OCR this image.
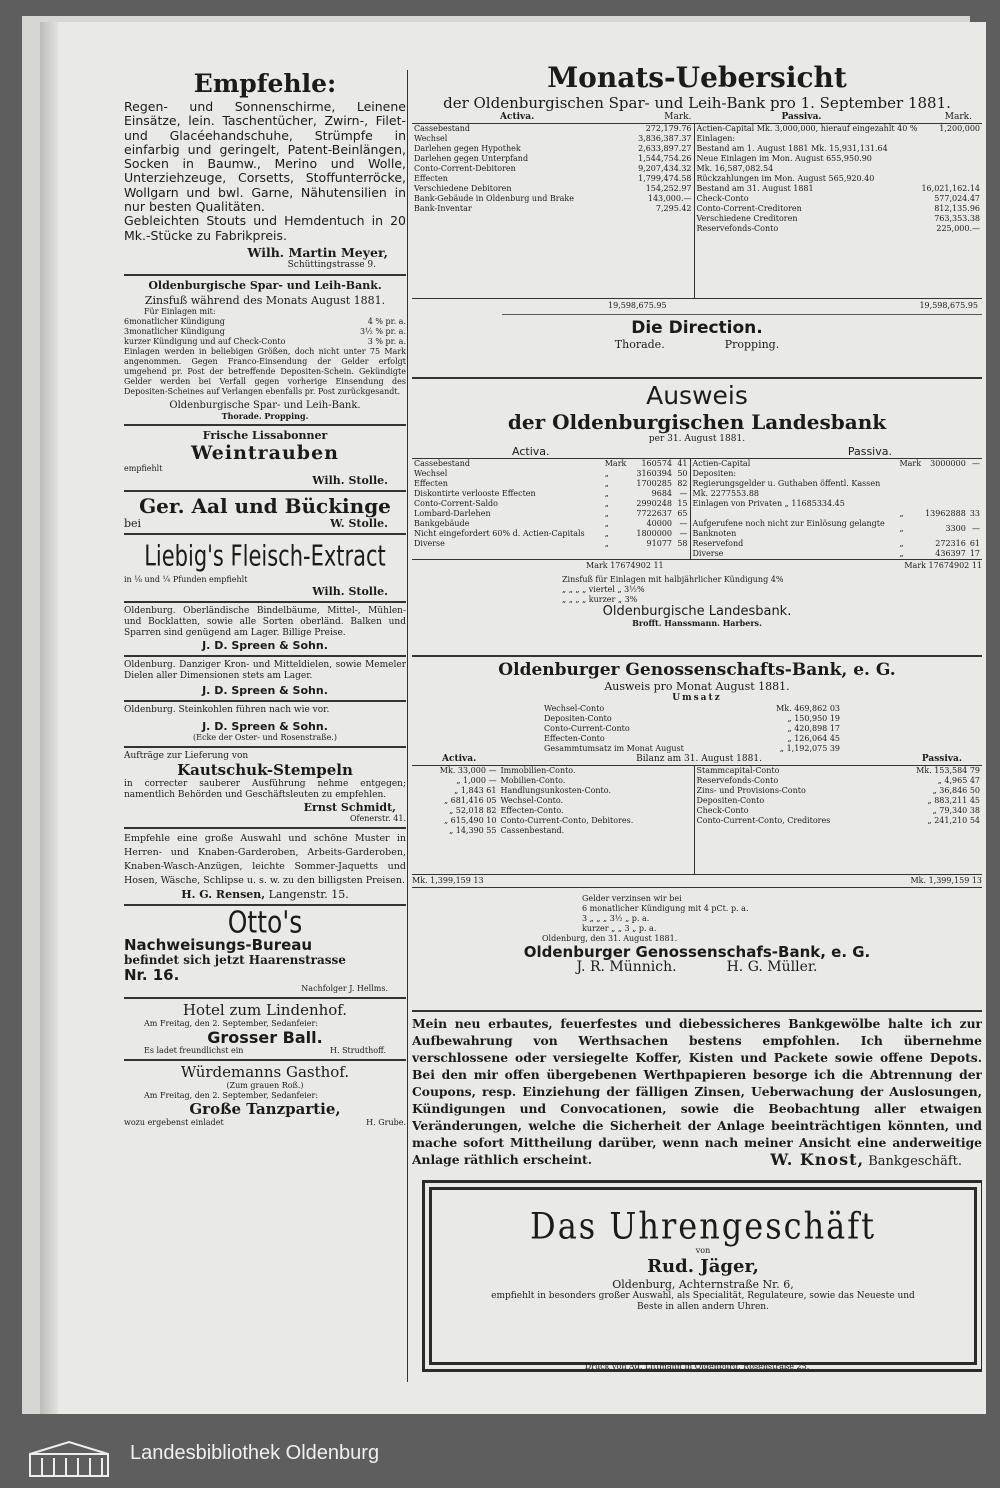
Empfehle:
Regen- und Sonnenschirme, Leinene Einsätze, lein. Taschentücher, Zwirn-, Filet- und Glacéehandschuhe, Strümpfe in einfarbig und geringelt, Patent-Beinlängen, Socken in Baumw., Merino und Wolle, Unterziehzeuge, Corsetts, Stoffunterröcke, Wollgarn und bwl. Garne, Nähutensilien in nur besten Qualitäten.
Gebleichten Stouts und Hemdentuch in 20 Mk.-Stücke zu Fabrikpreis.
Wilh. Martin Meyer,
Schüttingstrasse 9.
Oldenburgische Spar- und Leih-Bank.
Zinsfuß während des Monats August 1881.
Für Einlagen mit:
6monatlicher Kündigung	4 % pr. a.
3monatlicher Kündigung	3½ % pr. a.
kurzer Kündigung und auf Check-Conto	3 % pr. a.
Einlagen werden in beliebigen Größen, doch nicht unter 75 Mark angenommen. Gegen Franco-Einsendung der Gelder erfolgt umgehend pr. Post der betreffende Depositen-Schein. Gekündigte Gelder werden bei Verfall gegen vorherige Einsendung des Depositen-Scheines auf Verlangen ebenfalls pr. Post zurückgesandt.
Oldenburgische Spar- und Leih-Bank.
Thorade. Propping.
Frische Lissabonner
Weintrauben
empfiehlt
Wilh. Stolle.
Ger. Aal und Bückinge
bei	W. Stolle.
Liebig's Fleisch-Extract
in ⅛ und ¼ Pfunden empfiehlt
Wilh. Stolle.
Oldenburg. Oberländische Bindelbäume, Mittel-, Mühlen- und Bocklatten, sowie alle Sorten oberländ. Balken und Sparren sind genügend am Lager. Billige Preise.
J. D. Spreen & Sohn.
Oldenburg. Danziger Kron- und Mitteldielen, sowie Memeler Dielen aller Dimensionen stets am Lager.
J. D. Spreen & Sohn.
Oldenburg. Steinkohlen führen nach wie vor.
J. D. Spreen & Sohn.
(Ecke der Oster- und Rosenstraße.)
Aufträge zur Lieferung von
Kautschuk-Stempeln
in correcter sauberer Ausführung nehme entgegen; namentlich Behörden und Geschäftsleuten zu empfehlen.
Ernst Schmidt,
Ofenerstr. 41.
Empfehle eine große Auswahl und schöne Muster in Herren- und Knaben-Garderoben, Arbeits-Garderoben, Knaben-Wasch-Anzügen, leichte Sommer-Jaquetts und Hosen, Wäsche, Schlipse u. s. w. zu den billigsten Preisen.
H. G. Rensen, Langenstr. 15.
Otto's
Nachweisungs-Bureau
befindet sich jetzt Haarenstrasse
Nr. 16.
Nachfolger J. Hellms.
Hotel zum Lindenhof.
Am Freitag, den 2. September, Sedanfeier:
Grosser Ball.
Es ladet freundlichst ein	H. Strudthoff.
Würdemanns Gasthof.
(Zum grauen Roß.)
Am Freitag, den 2. September, Sedanfeier:
Große Tanzpartie,
wozu ergebenst einladet	H. Grube.
Monats-Uebersicht
der Oldenburgischen Spar- und Leih-Bank pro 1. September 1881.
Activa.	Mark.	Passiva.	Mark.
Cassebestand	272,179.76
Wechsel	3,836,387.37
Darlehen gegen Hypothek	2,633,897.27
Darlehen gegen Unterpfand	1,544,754.26
Conto-Corrent-Debitoren	9,207,434.32
Effecten	1,799,474.58
Verschiedene Debitoren	154,252.97
Bank-Gebäude in Oldenburg und Brake	143,000.—
Bank-Inventar	7,295.42
Actien-Capital Mk. 3,000,000, hierauf eingezahlt 40 %	1,200,000
Einlagen:	
Bestand am 1. August 1881 Mk. 15,931,131.64	
Neue Einlagen im Mon. August 655,950.90	
Mk. 16,587,082.54	
Rückzahlungen im Mon. August 565,920.40	
Bestand am 31. August 1881	16,021,162.14
Check-Conto	577,024.47
Conto-Corrent-Creditoren	812,135.96
Verschiedene Creditoren	763,353.38
Reservefonds-Conto	225,000.—
19,598,675.95	19,598,675.95
Die Direction.
Thorade.	Propping.
Ausweis
der Oldenburgischen Landesbank
per 31. August 1881.
Activa.	Passiva.
Cassebestand	Mark	160574	41
Wechsel	„	3160394	50
Effecten	„	1700285	82
Diskontirte verlooste Effecten	„	9684	—
Conto-Corrent-Saldo	„	2990248	15
Lombard-Darlehen	„	7722637	65
Bankgebäude	„	40000	—
Nicht eingefordert 60% d. Actien-Capitals	„	1800000	—
Diverse	„	91077	58
Actien-Capital	Mark	3000000	—
Depositen:			
Regierungsgelder u. Guthaben öffentl. Kassen Mk. 2277553.88			
Einlagen von Privaten „ 11685334.45			
	„	13962888	33
Aufgerufene noch nicht zur Einlösung gelangte Banknoten	„	3300	—
Reservefond	„	272316	61
Diverse	„	436397	17
Mark 17674902 11	Mark 17674902 11
Zinsfuß für Einlagen mit halbjährlicher Kündigung 4%
„ „ „ „ viertel „ 3½%
„ „ „ „ kurzer „ 3%
Oldenburgische Landesbank.
Brofft. Hanssmann. Harbers.
Oldenburger Genossenschafts-Bank, e. G.
Ausweis pro Monat August 1881.
Umsatz
Wechsel-Conto	Mk. 469,862 03
Depositen-Conto	„ 150,950 19
Conto-Current-Conto	„ 420,898 17
Effecten-Conto	„ 126,064 45
Gesammtumsatz im Monat August	„ 1,192,075 39
Activa.	Bilanz am 31. August 1881.	Passiva.
Mk. 33,000 —	Immobilien-Conto.
„ 1,000 —	Mobilien-Conto.
„ 1,843 61	Handlungsunkosten-Conto.
„ 681,416 05	Wechsel-Conto.
„ 52,018 82	Effecten-Conto.
„ 615,490 10	Conto-Current-Conto, Debitores.
„ 14,390 55	Cassenbestand.
Stammcapital-Conto	Mk. 153,584 79
Reservefonds-Conto	„ 4,965 47
Zins- und Provisions-Conto	„ 36,846 50
Depositen-Conto	„ 883,211 45
Check-Conto	„ 79,340 38
Conto-Current-Conto, Creditores	„ 241,210 54
Mk. 1,399,159 13	Mk. 1,399,159 13
Gelder verzinsen wir bei
6 monatlicher Kündigung mit 4 pCt. p. a.
3 „ „ „ 3½ „ p. a.
kurzer „ „ 3 „ p. a.
Oldenburg, den 31. August 1881.
Oldenburger Genossenschafs-Bank, e. G.
J. R. Münnich.	H. G. Müller.
Mein neu erbautes, feuerfestes und diebessicheres Bankgewölbe halte ich zur Aufbewahrung von Werthsachen bestens empfohlen. Ich übernehme verschlossene oder versiegelte Koffer, Kisten und Packete sowie offene Depots. Bei den mir offen übergebenen Werthpapieren besorge ich die Abtrennung der Coupons, resp. Einziehung der fälligen Zinsen, Ueberwachung der Auslosungen, Kündigungen und Convocationen, sowie die Beobachtung aller etwaigen Veränderungen, welche die Sicherheit der Anlage beeinträchtigen könnten, und mache sofort Mittheilung darüber, wenn nach meiner Ansicht eine anderweitige Anlage räthlich erscheint.	W. Knost, Bankgeschäft.
Das Uhrengeschäft
von
Rud. Jäger,
Oldenburg, Achternstraße Nr. 6,
empfiehlt in besonders großer Auswahl, als Specialität, Regulateure, sowie das Neueste und Beste in allen andern Uhren.
Druck von Ad. Littmann in Oldenburg, Rosenstraße 25.
Landesbibliothek Oldenburg
